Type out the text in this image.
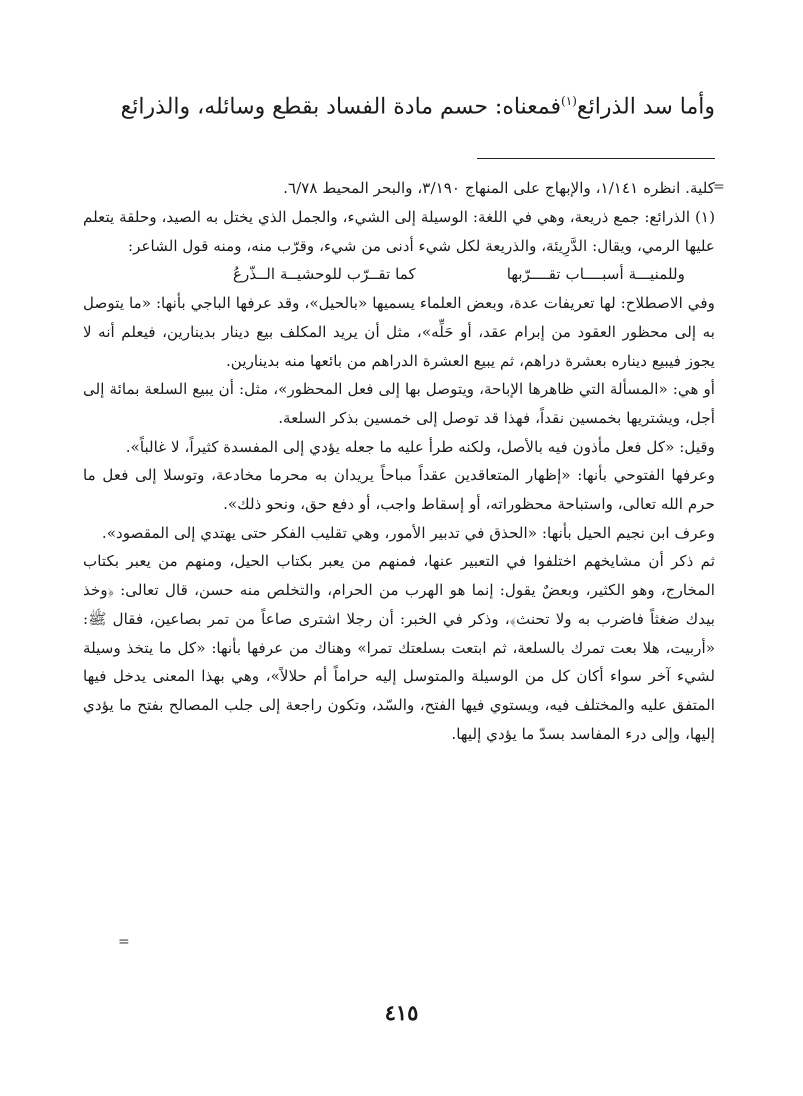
وأما سد الذرائع$^{(١)}$فمعناه: حسم مادة الفساد بقطع وسائله، والذرائع
=

كلية. انظره ١/١٤١، والإبهاج على المنهاج ٣/١٩٠، والبحر المحيط ٦/٧٨.

(١) الذرائع: جمع ذريعة، وهي في اللغة: الوسيلة إلى الشيء، والجمل الذي يختل به الصيد، وحلقة يتعلم عليها الرمي، ويقال: الدَّرِيئة، والذريعة لكل شيء أدنى من شيء، وقرّب منه، ومنه قول الشاعر:

وللمنيـــة أسبــــاب تقــــرّبها
كما تقــرّب للوحشيــة الــذّرعُ

وفي الاصطلاح: لها تعريفات عدة، وبعض العلماء يسميها «بالحيل»، وقد عرفها الباجي بأنها: «ما يتوصل به إلى محظور العقود من إبرام عقد، أو حَلِّه»، مثل أن يريد المكلف بيع دينار بدينارين، فيعلم أنه لا يجوز فيبيع ديناره بعشرة دراهم، ثم يبيع العشرة الدراهم من بائعها منه بدينارين.

أو هي: «المسألة التي ظاهرها الإباحة، ويتوصل بها إلى فعل المحظور»، مثل: أن يبيع السلعة بمائة إلى أجل، ويشتريها بخمسين نقداً، فهذا قد توصل إلى خمسين بذكر السلعة.

وقيل: «كل فعل مأذون فيه بالأصل، ولكنه طرأ عليه ما جعله يؤدي إلى المفسدة كثيراً، لا غالباً».

وعرفها الفتوحي بأنها: «إظهار المتعاقدين عقداً مباحاً يريدان به محرما مخادعة، وتوسلا إلى فعل ما حرم الله تعالى، واستباحة محظوراته، أو إسقاط واجب، أو دفع حق، ونحو ذلك».

وعرف ابن نجيم الحيل بأنها: «الحذق في تدبير الأمور، وهي تقليب الفكر حتى يهتدي إلى المقصود».

ثم ذكر أن مشايخهم اختلفوا في التعبير عنها، فمنهم من يعبر بكتاب الحيل، ومنهم من يعبر بكتاب المخارج، وهو الكثير، وبعضٌ يقول: إنما هو الهرب من الحرام، والتخلص منه حسن، قال تعالى: ﴿وخذ بيدك ضغثاً فاضرب به ولا تحنث﴾، وذكر في الخبر: أن رجلا اشترى صاعاً من تمر بصاعين، فقال ﷺ: «أربيت، هلا بعت تمرك بالسلعة، ثم ابتعت بسلعتك تمرا» وهناك من عرفها بأنها: «كل ما يتخذ وسيلة لشيء آخر سواء أكان كل من الوسيلة والمتوسل إليه حراماً أم حلالاً»، وهي بهذا المعنى يدخل فيها المتفق عليه والمختلف فيه، ويستوي فيها الفتح، والسّد، وتكون راجعة إلى جلب المصالح بفتح ما يؤدي إليها، وإلى درء المفاسد بسدّ ما يؤدي إليها.

=
٤١٥
